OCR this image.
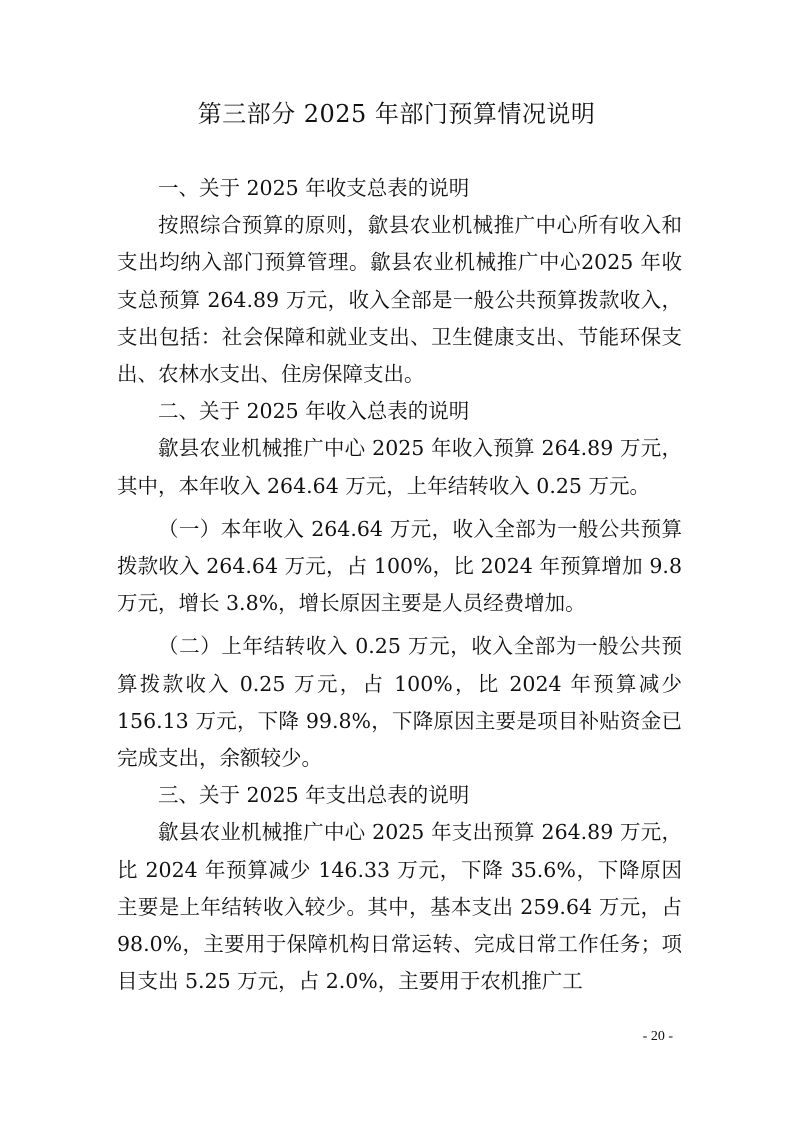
第三部分 2025 年部门预算情况说明

一、关于 2025 年收支总表的说明

按照综合预算的原则，歙县农业机械推广中心所有收入和支出均纳入部门预算管理。歙县农业机械推广中心2025 年收支总预算 264.89 万元，收入全部是一般公共预算拨款收入，支出包括：社会保障和就业支出、卫生健康支出、节能环保支出、农林水支出、住房保障支出。

二、关于 2025 年收入总表的说明

歙县农业机械推广中心 2025 年收入预算 264.89 万元，其中，本年收入 264.64 万元，上年结转收入 0.25 万元。

（一）本年收入 264.64 万元，收入全部为一般公共预算拨款收入 264.64 万元，占 100%，比 2024 年预算增加 9.8 万元，增长 3.8%，增长原因主要是人员经费增加。

（二）上年结转收入 0.25 万元，收入全部为一般公共预算拨款收入 0.25 万元，占 100%，比 2024 年预算减少 156.13 万元，下降 99.8%，下降原因主要是项目补贴资金已完成支出，余额较少。

三、关于 2025 年支出总表的说明

歙县农业机械推广中心 2025 年支出预算 264.89 万元，比 2024 年预算减少 146.33 万元，下降 35.6%，下降原因主要是上年结转收入较少。其中，基本支出 259.64 万元，占 98.0%，主要用于保障机构日常运转、完成日常工作任务；项目支出 5.25 万元，占 2.0%，主要用于农机推广工

- 20 -
